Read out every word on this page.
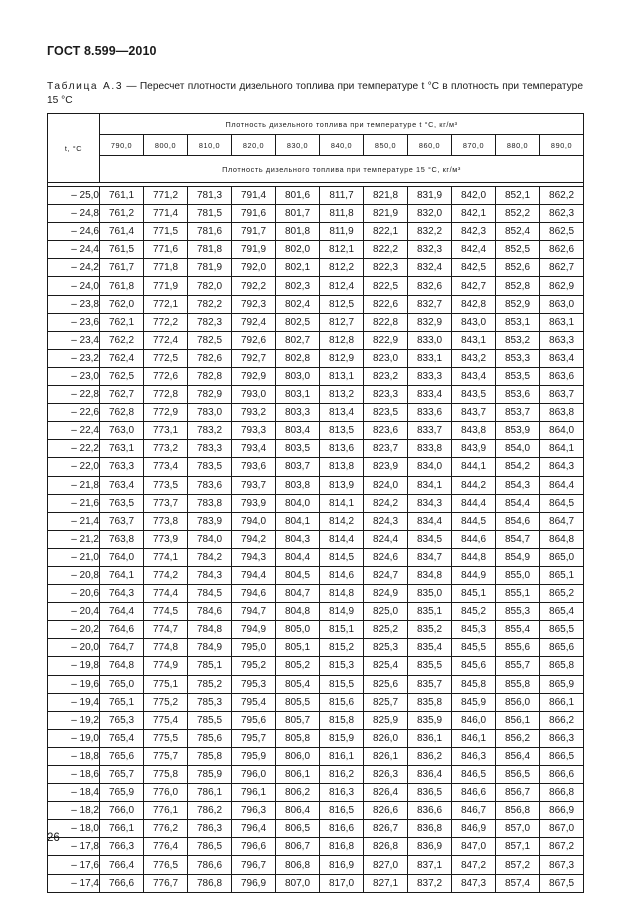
ГОСТ 8.599—2010
Таблица А.3 — Пересчет плотности дизельного топлива при температуре t °С в плотность при температуре 15 °С
t, °C	Плотность дизельного топлива при температуре t °С, кг/м³										
	790,0	800,0	810,0	820,0	830,0	840,0	850,0	860,0	870,0	880,0	890,0
	Плотность дизельного топлива при температуре 15 °С, кг/м³										

– 25,0	761,1	771,2	781,3	791,4	801,6	811,7	821,8	831,9	842,0	852,1	862,2
– 24,8	761,2	771,4	781,5	791,6	801,7	811,8	821,9	832,0	842,1	852,2	862,3
– 24,6	761,4	771,5	781,6	791,7	801,8	811,9	822,1	832,2	842,3	852,4	862,5
– 24,4	761,5	771,6	781,8	791,9	802,0	812,1	822,2	832,3	842,4	852,5	862,6
– 24,2	761,7	771,8	781,9	792,0	802,1	812,2	822,3	832,4	842,5	852,6	862,7
– 24,0	761,8	771,9	782,0	792,2	802,3	812,4	822,5	832,6	842,7	852,8	862,9
– 23,8	762,0	772,1	782,2	792,3	802,4	812,5	822,6	832,7	842,8	852,9	863,0
– 23,6	762,1	772,2	782,3	792,4	802,5	812,7	822,8	832,9	843,0	853,1	863,1
– 23,4	762,2	772,4	782,5	792,6	802,7	812,8	822,9	833,0	843,1	853,2	863,3
– 23,2	762,4	772,5	782,6	792,7	802,8	812,9	823,0	833,1	843,2	853,3	863,4
– 23,0	762,5	772,6	782,8	792,9	803,0	813,1	823,2	833,3	843,4	853,5	863,6
– 22,8	762,7	772,8	782,9	793,0	803,1	813,2	823,3	833,4	843,5	853,6	863,7
– 22,6	762,8	772,9	783,0	793,2	803,3	813,4	823,5	833,6	843,7	853,7	863,8
– 22,4	763,0	773,1	783,2	793,3	803,4	813,5	823,6	833,7	843,8	853,9	864,0
– 22,2	763,1	773,2	783,3	793,4	803,5	813,6	823,7	833,8	843,9	854,0	864,1
– 22,0	763,3	773,4	783,5	793,6	803,7	813,8	823,9	834,0	844,1	854,2	864,3
– 21,8	763,4	773,5	783,6	793,7	803,8	813,9	824,0	834,1	844,2	854,3	864,4
– 21,6	763,5	773,7	783,8	793,9	804,0	814,1	824,2	834,3	844,4	854,4	864,5
– 21,4	763,7	773,8	783,9	794,0	804,1	814,2	824,3	834,4	844,5	854,6	864,7
– 21,2	763,8	773,9	784,0	794,2	804,3	814,4	824,4	834,5	844,6	854,7	864,8
– 21,0	764,0	774,1	784,2	794,3	804,4	814,5	824,6	834,7	844,8	854,9	865,0
– 20,8	764,1	774,2	784,3	794,4	804,5	814,6	824,7	834,8	844,9	855,0	865,1
– 20,6	764,3	774,4	784,5	794,6	804,7	814,8	824,9	835,0	845,1	855,1	865,2
– 20,4	764,4	774,5	784,6	794,7	804,8	814,9	825,0	835,1	845,2	855,3	865,4
– 20,2	764,6	774,7	784,8	794,9	805,0	815,1	825,2	835,2	845,3	855,4	865,5
– 20,0	764,7	774,8	784,9	795,0	805,1	815,2	825,3	835,4	845,5	855,6	865,6
– 19,8	764,8	774,9	785,1	795,2	805,2	815,3	825,4	835,5	845,6	855,7	865,8
– 19,6	765,0	775,1	785,2	795,3	805,4	815,5	825,6	835,7	845,8	855,8	865,9
– 19,4	765,1	775,2	785,3	795,4	805,5	815,6	825,7	835,8	845,9	856,0	866,1
– 19,2	765,3	775,4	785,5	795,6	805,7	815,8	825,9	835,9	846,0	856,1	866,2
– 19,0	765,4	775,5	785,6	795,7	805,8	815,9	826,0	836,1	846,1	856,2	866,3
– 18,8	765,6	775,7	785,8	795,9	806,0	816,1	826,1	836,2	846,3	856,4	866,5
– 18,6	765,7	775,8	785,9	796,0	806,1	816,2	826,3	836,4	846,5	856,5	866,6
– 18,4	765,9	776,0	786,1	796,1	806,2	816,3	826,4	836,5	846,6	856,7	866,8
– 18,2	766,0	776,1	786,2	796,3	806,4	816,5	826,6	836,6	846,7	856,8	866,9
– 18,0	766,1	776,2	786,3	796,4	806,5	816,6	826,7	836,8	846,9	857,0	867,0
– 17,8	766,3	776,4	786,5	796,6	806,7	816,8	826,8	836,9	847,0	857,1	867,2
– 17,6	766,4	776,5	786,6	796,7	806,8	816,9	827,0	837,1	847,2	857,2	867,3
– 17,4	766,6	776,7	786,8	796,9	807,0	817,0	827,1	837,2	847,3	857,4	867,5
26
